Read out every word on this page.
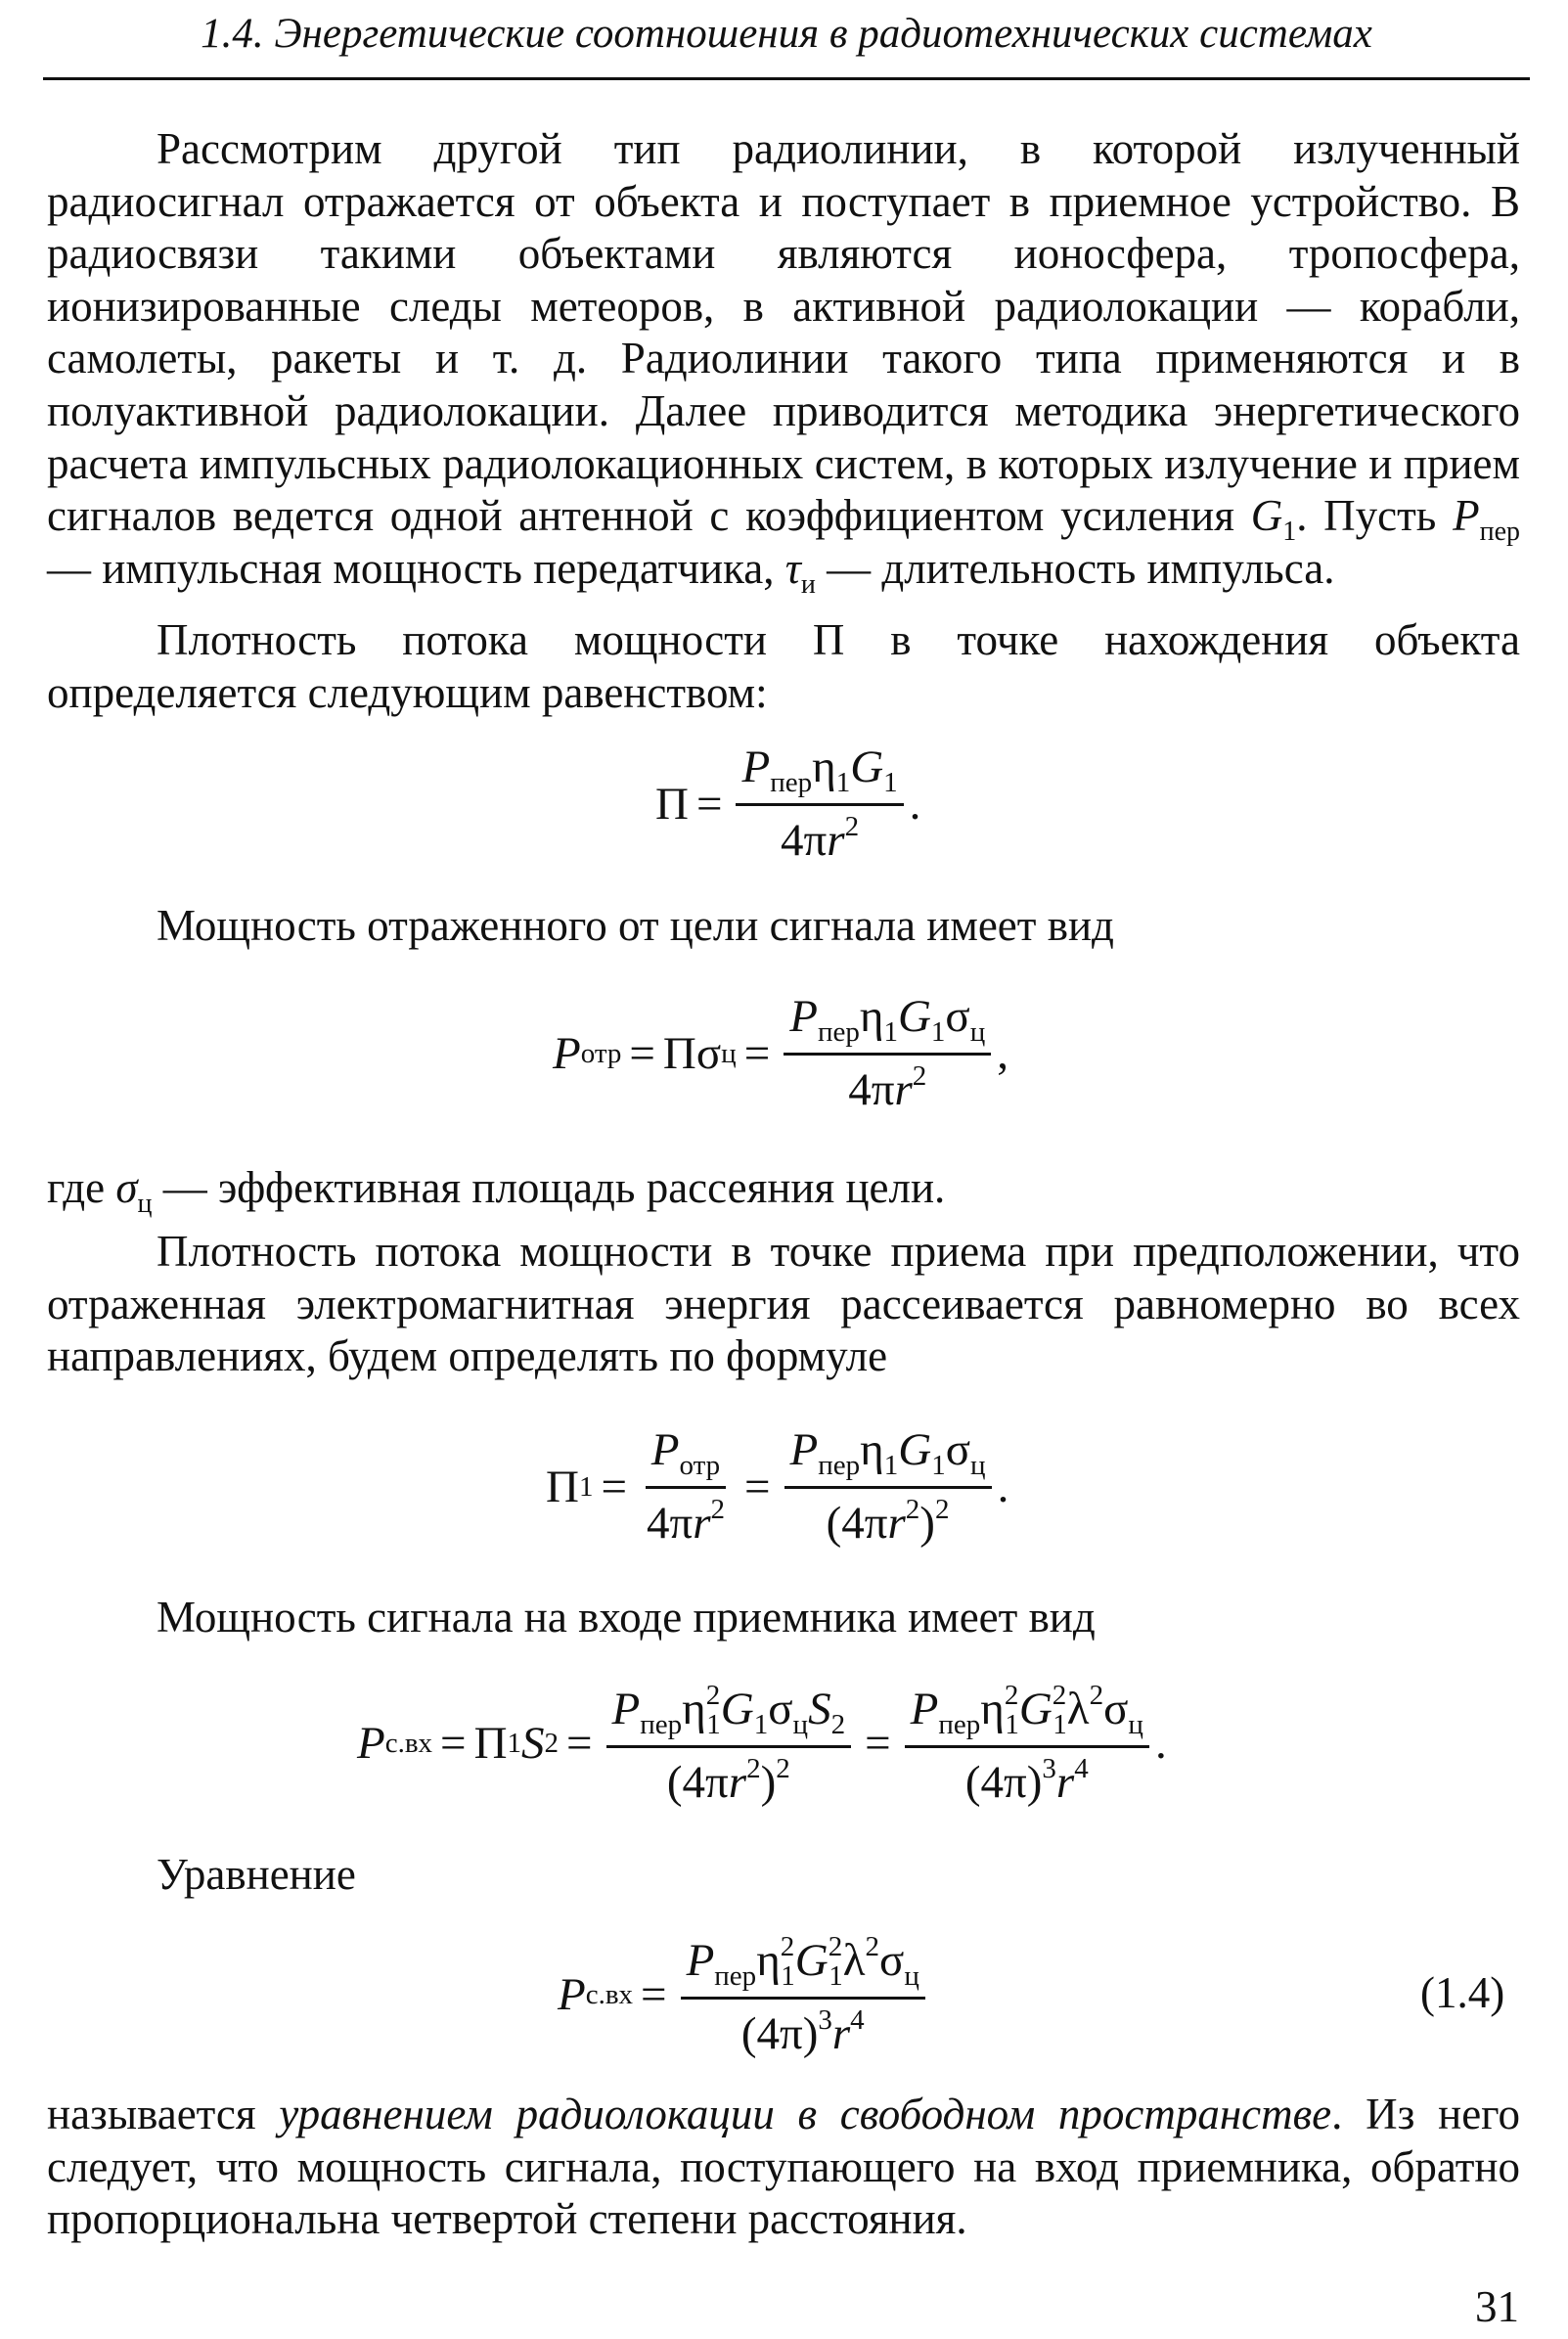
1.4. Энергетические соотношения в радиотехнических системах

Рассмотрим другой тип радиолинии, в которой излученный радиосигнал отражается от объекта и поступает в приемное устройство. В радиосвязи такими объектами являются ионосфера, тропосфера, ионизированные следы метеоров, в активной радиолокации — корабли, самолеты, ракеты и т. д. Радиолинии такого типа применяются и в полуактивной радиолокации. Далее приводится методика энергетического расчета импульсных радиолокационных систем, в которых излучение и прием сигналов ведется одной антенной с коэффициентом усиления $G_1$. Пусть $P_{пер}$ — импульсная мощность передатчика, $\tau_и$ — длительность импульса.

Плотность потока мощности П в точке нахождения объекта определяется следующим равенством:

$П = \frac{P_{пер}\eta_1G_1}{4\pi r^2}$ .

Мощность отраженного от цели сигнала имеет вид

P отр = Пσ $ц = \frac{P_{пер}\eta_1G_1\sigma_ц}{4\pi r^2}$ ,

где $\sigma_ц$ — эффективная площадь рассеяния цели.

Плотность потока мощности в точке приема при предположении, что отраженная электромагнитная энергия рассеивается равномерно во всех направлениях, будем определять по формуле

П $1 = \frac{P_{отр}}{4\pi r^2} = \frac{P_{пер}\eta_1G_1\sigma_ц}{(4\pi r^2)^2}$ .

Мощность сигнала на входе приемника имеет вид

P с.вх = П 1 S $2 = \frac{P_{пер}\eta^2_1G_1\sigma_цS_2}{(4\pi r^2)^2} = \frac{P_{пер}\eta^2_1G^2_1\lambda^2\sigma_ц}{(4\pi)^3r^4}$ .

Уравнение

P $с.вх = \frac{P_{пер}\eta^2_1G^2_1\lambda^2\sigma_ц}{(4\pi)^3r^4}$	(1.4)

называется уравнением радиолокации в свободном пространстве. Из него следует, что мощность сигнала, поступающего на вход приемника, обратно пропорциональна четвертой степени расстояния.

31
